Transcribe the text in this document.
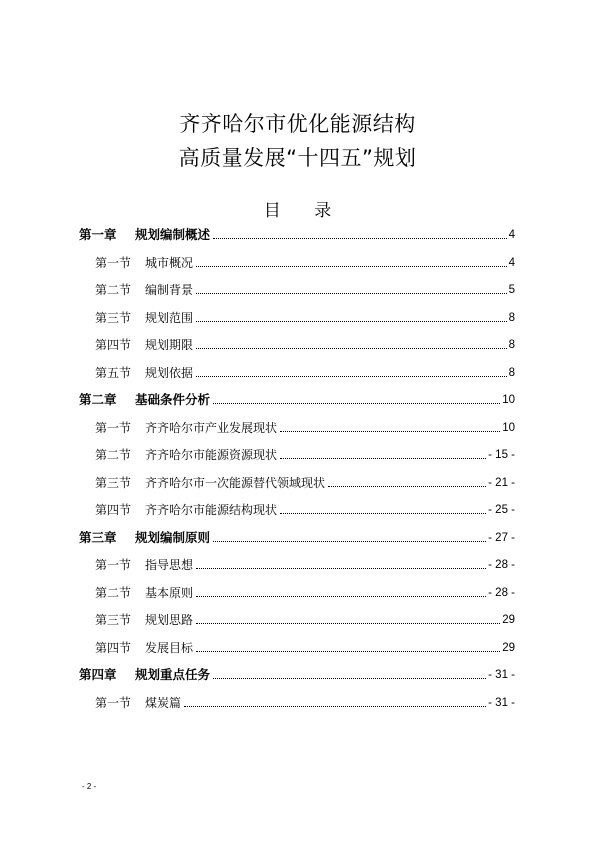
齐齐哈尔市优化能源结构
高质量发展“十四五”规划
目 录
第一章	规划编制概述	4
第一节	城市概况	4
第二节	编制背景	5
第三节	规划范围	8
第四节	规划期限	8
第五节	规划依据	8
第二章	基础条件分析	10
第一节	齐齐哈尔市产业发展现状	10
第二节	齐齐哈尔市能源资源现状	- 15 -
第三节	齐齐哈尔市一次能源替代领域现状	- 21 -
第四节	齐齐哈尔市能源结构现状	- 25 -
第三章	规划编制原则	- 27 -
第一节	指导思想	- 28 -
第二节	基本原则	- 28 -
第三节	规划思路	29
第四节	发展目标	29
第四章	规划重点任务	- 31 -
第一节	煤炭篇	- 31 -
- 2 -
